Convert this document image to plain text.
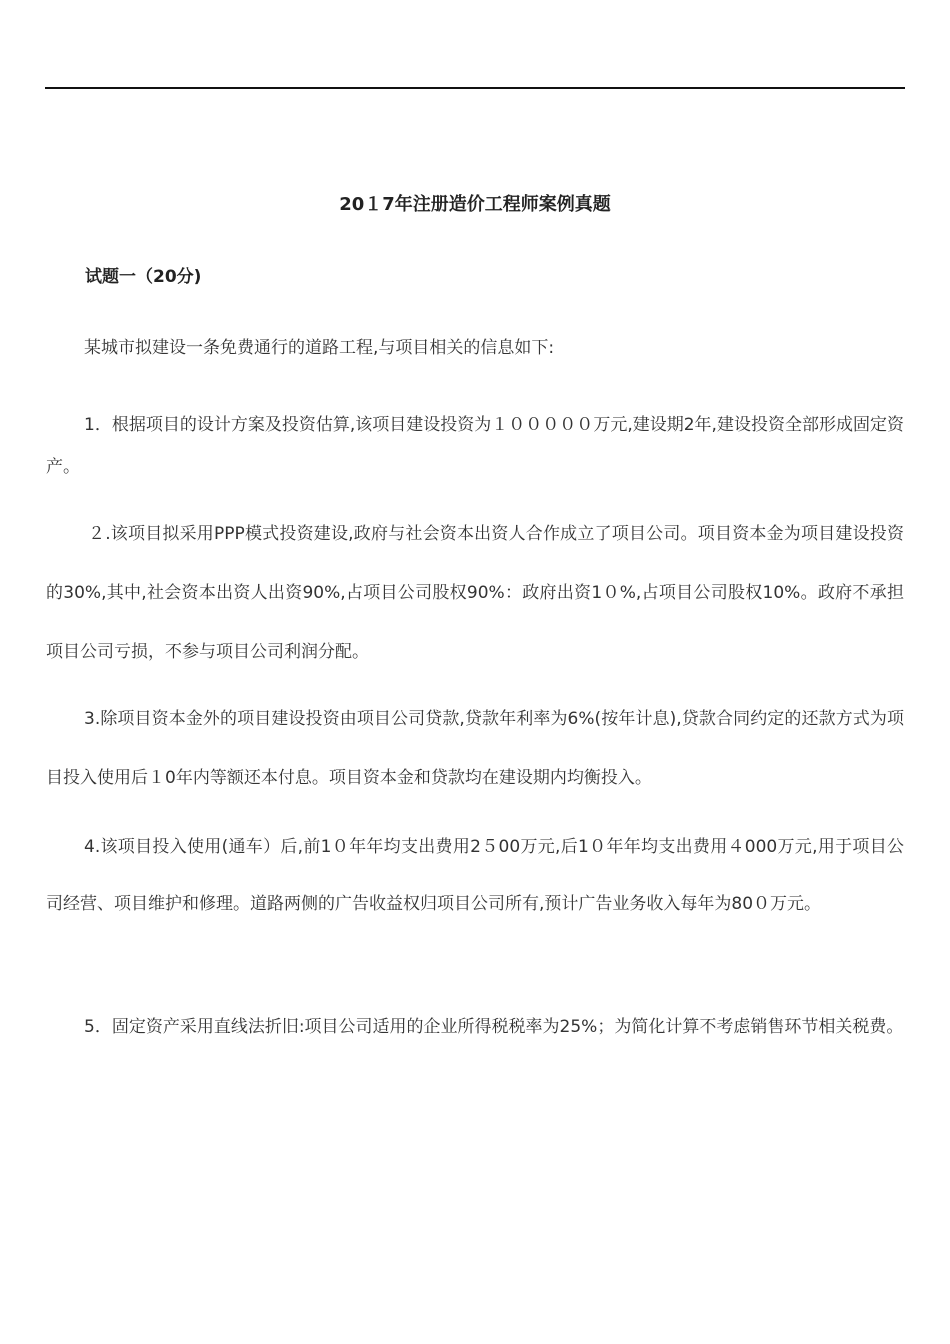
20１7年注册造价工程师案例真题
试题一（20分)

某城市拟建设一条免费通行的道路工程,与项目相关的信息如下:

1．根据项目的设计方案及投资估算,该项目建设投资为１０００００万元,建设期2年,建设投资全部形成固定资产。

２.该项目拟采用PPP模式投资建设,政府与社会资本出资人合作成立了项目公司。项目资本金为项目建设投资的30%,其中,社会资本出资人出资90%,占项目公司股权90%：政府出资1０%,占项目公司股权10%。政府不承担项目公司亏损，不参与项目公司利润分配。

3.除项目资本金外的项目建设投资由项目公司贷款,贷款年利率为6%(按年计息),贷款合同约定的还款方式为项目投入使用后１0年内等额还本付息。项目资本金和贷款均在建设期内均衡投入。

4.该项目投入使用(通车）后,前1０年年均支出费用2５00万元,后1０年年均支出费用４000万元,用于项目公司经营、项目维护和修理。道路两侧的广告收益权归项目公司所有,预计广告业务收入每年为80０万元。

5．固定资产采用直线法折旧:项目公司适用的企业所得税税率为25%；为简化计算不考虑销售环节相关税费。
